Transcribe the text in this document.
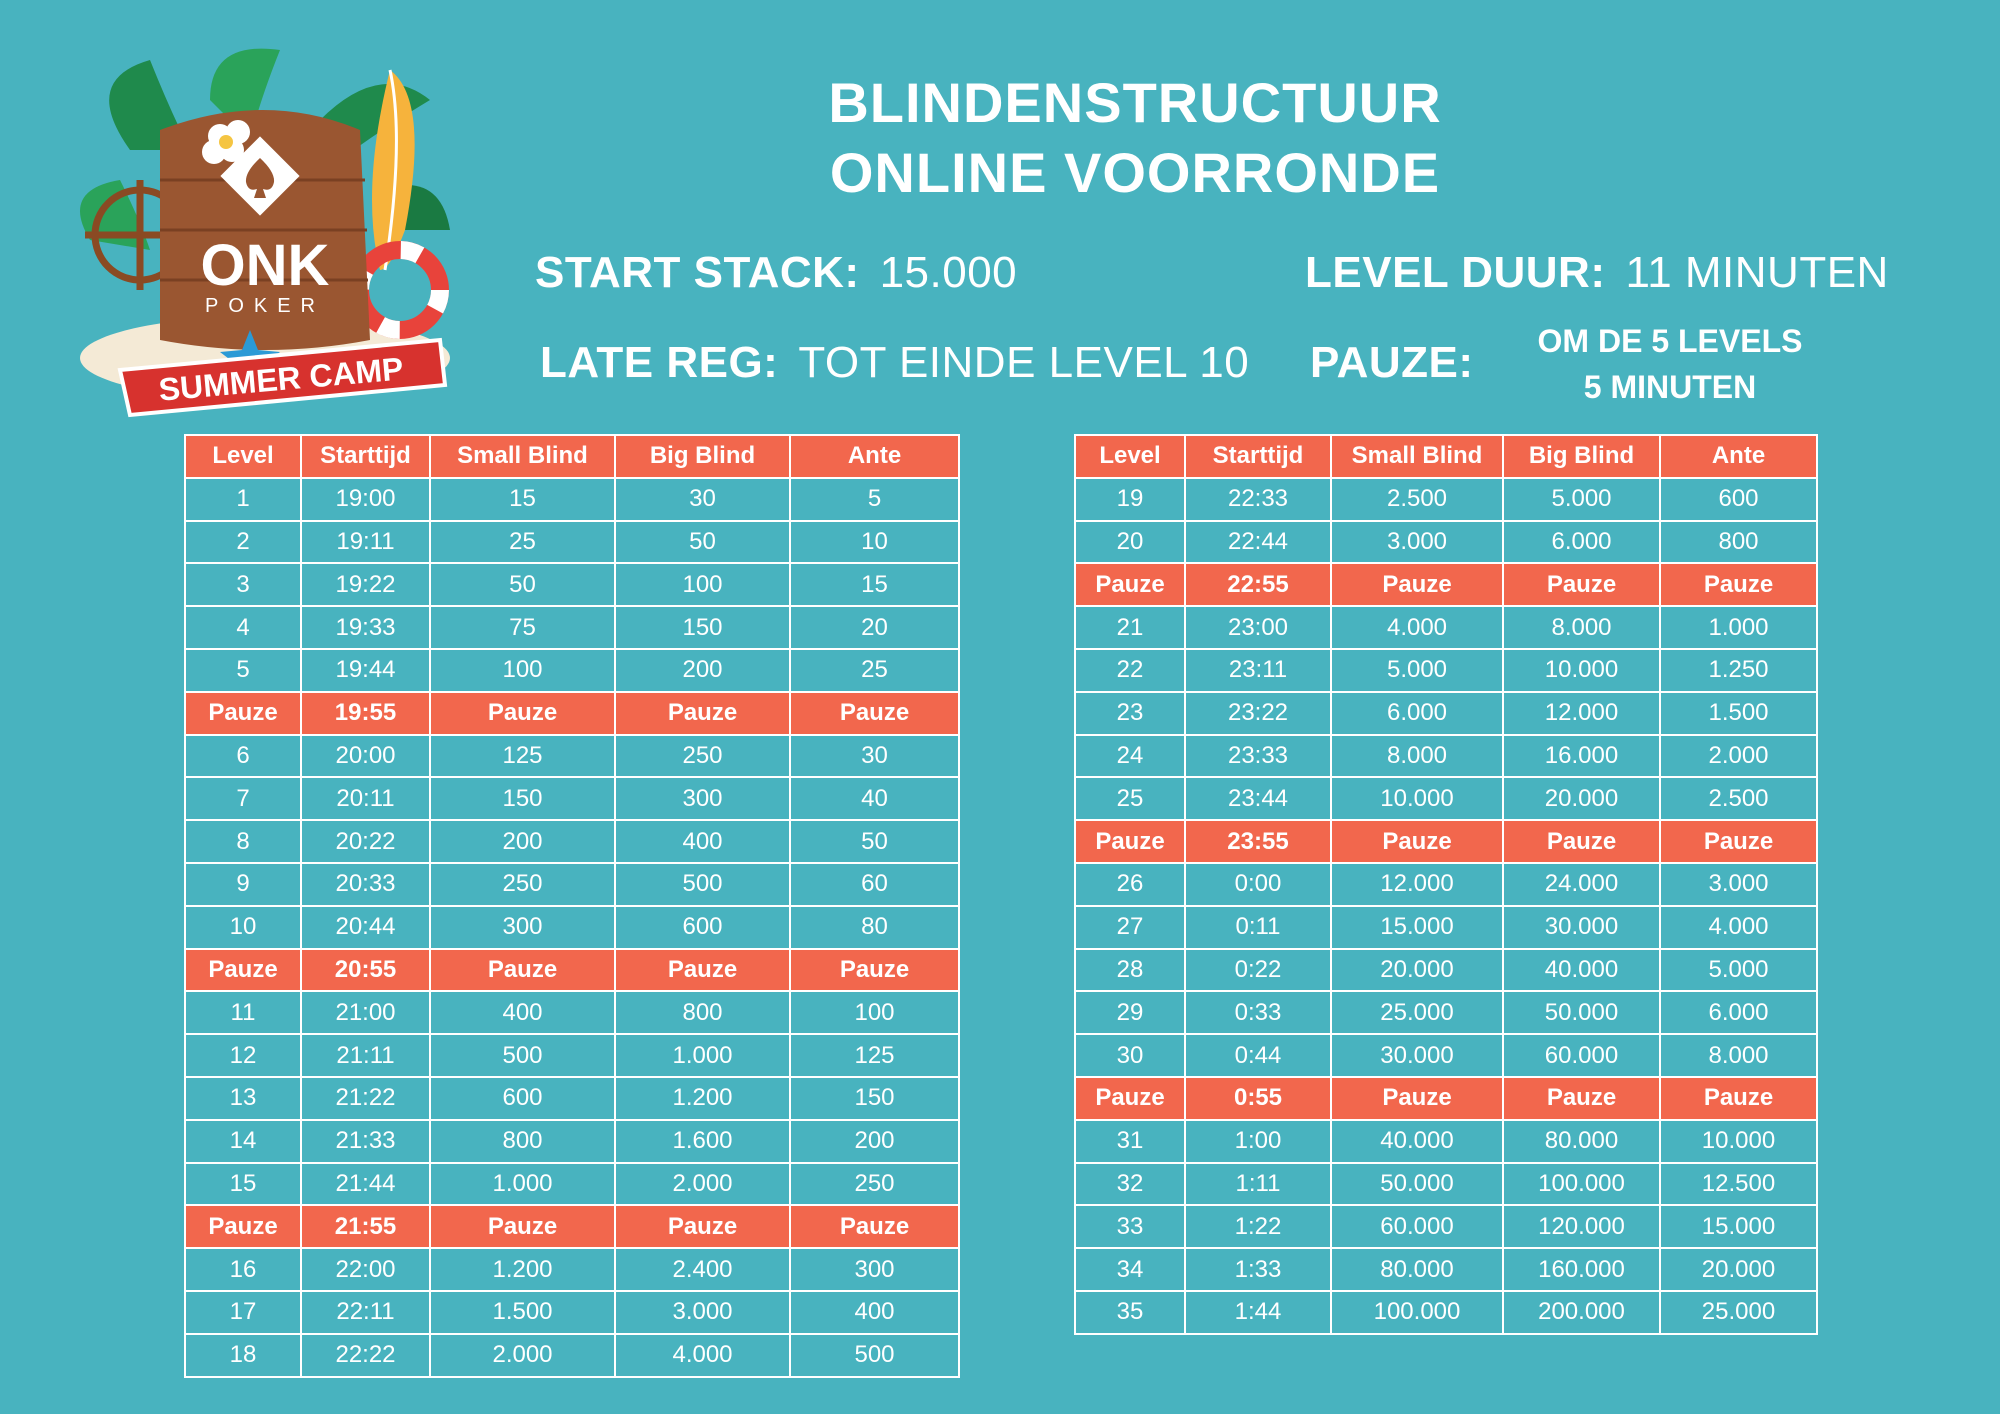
ONK
POKER
SUMMER CAMP
BLINDENSTRUCTUUR
ONLINE VOORRONDE
START STACK: 15.000	LEVEL DUUR: 11 MINUTEN
LATE REG: TOT EINDE LEVEL 10 PAUZE:	OM DE 5 LEVELS
5 MINUTEN
Level	Starttijd	Small Blind	Big Blind	Ante
1	19:00	15	30	5
2	19:11	25	50	10
3	19:22	50	100	15
4	19:33	75	150	20
5	19:44	100	200	25
Pauze	19:55	Pauze	Pauze	Pauze
6	20:00	125	250	30
7	20:11	150	300	40
8	20:22	200	400	50
9	20:33	250	500	60
10	20:44	300	600	80
Pauze	20:55	Pauze	Pauze	Pauze
11	21:00	400	800	100
12	21:11	500	1.000	125
13	21:22	600	1.200	150
14	21:33	800	1.600	200
15	21:44	1.000	2.000	250
Pauze	21:55	Pauze	Pauze	Pauze
16	22:00	1.200	2.400	300
17	22:11	1.500	3.000	400
18	22:22	2.000	4.000	500
Level	Starttijd	Small Blind	Big Blind	Ante
19	22:33	2.500	5.000	600
20	22:44	3.000	6.000	800
Pauze	22:55	Pauze	Pauze	Pauze
21	23:00	4.000	8.000	1.000
22	23:11	5.000	10.000	1.250
23	23:22	6.000	12.000	1.500
24	23:33	8.000	16.000	2.000
25	23:44	10.000	20.000	2.500
Pauze	23:55	Pauze	Pauze	Pauze
26	0:00	12.000	24.000	3.000
27	0:11	15.000	30.000	4.000
28	0:22	20.000	40.000	5.000
29	0:33	25.000	50.000	6.000
30	0:44	30.000	60.000	8.000
Pauze	0:55	Pauze	Pauze	Pauze
31	1:00	40.000	80.000	10.000
32	1:11	50.000	100.000	12.500
33	1:22	60.000	120.000	15.000
34	1:33	80.000	160.000	20.000
35	1:44	100.000	200.000	25.000
